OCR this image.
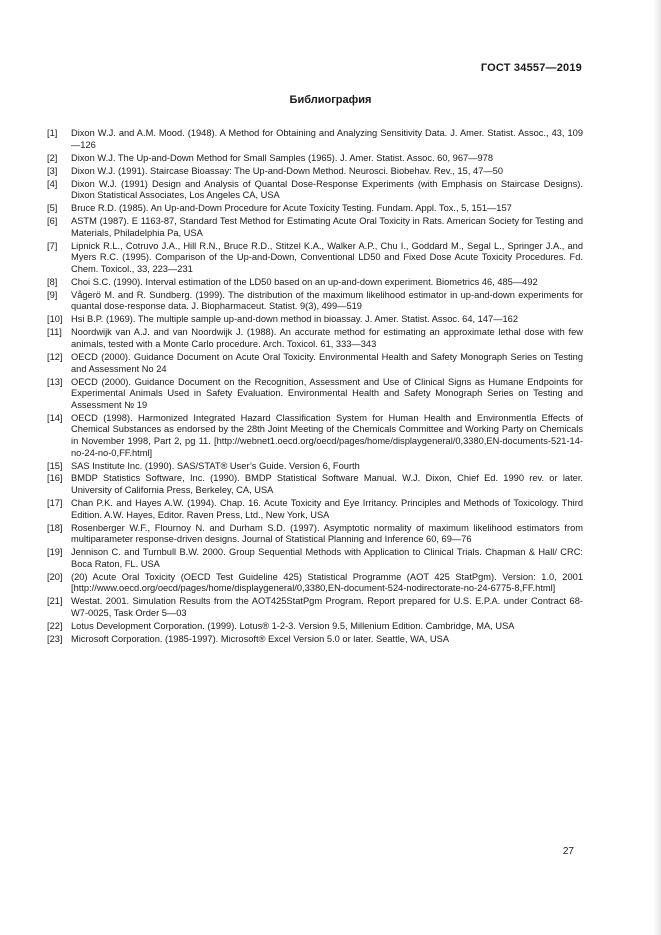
ГОСТ 34557—2019
Библиография
[1] Dixon W.J. and A.M. Mood. (1948). A Method for Obtaining and Analyzing Sensitivity Data. J. Amer. Statist. Assoc., 43, 109—126
[2] Dixon W.J. The Up-and-Down Method for Small Samples (1965). J. Amer. Statist. Assoc. 60, 967—978
[3] Dixon W.J. (1991). Staircase Bioassay: The Up-and-Down Method. Neurosci. Biobehav. Rev., 15, 47—50
[4] Dixon W.J. (1991) Design and Analysis of Quantal Dose-Response Experiments (with Emphasis on Staircase Designs). Dixon Statistical Associates, Los Angeles CA, USA
[5] Bruce R.D. (1985). An Up-and-Down Procedure for Acute Toxicity Testing. Fundam. Appl. Tox., 5, 151—157
[6] ASTM (1987). E 1163-87, Standard Test Method for Estimating Acute Oral Toxicity in Rats. American Society for Testing and Materials, Philadelphia Pa, USA
[7] Lipnick R.L., Cotruvo J.A., Hill R.N., Bruce R.D., Stitzel K.A., Walker A.P., Chu I., Goddard M., Segal L., Springer J.A., and Myers R.C. (1995). Comparison of the Up-and-Down, Conventional LD50 and Fixed Dose Acute Toxicity Procedures. Fd. Chem. Toxicol., 33, 223—231
[8] Choi S.C. (1990). Interval estimation of the LD50 based on an up-and-down experiment. Biometrics 46, 485—492
[9] Vågerö M. and R. Sundberg. (1999). The distribution of the maximum likelihood estimator in up-and-down experiments for quantal dose-response data. J. Biopharmaceut. Statist. 9(3), 499—519
[10] Hsi B.P. (1969). The multiple sample up-and-down method in bioassay. J. Amer. Statist. Assoc. 64, 147—162
[11] Noordwijk van A.J. and van Noordwijk J. (1988). An accurate method for estimating an approximate lethal dose with few animals, tested with a Monte Carlo procedure. Arch. Toxicol. 61, 333—343
[12] OECD (2000). Guidance Document on Acute Oral Toxicity. Environmental Health and Safety Monograph Series on Testing and Assessment No 24
[13] OECD (2000). Guidance Document on the Recognition, Assessment and Use of Clinical Signs as Humane Endpoints for Experimental Animals Used in Safety Evaluation. Environmental Health and Safety Monograph Series on Testing and Assessment № 19
[14] OECD (1998). Harmonized Integrated Hazard Classification System for Human Health and Environmentla Effects of Chemical Substances as endorsed by the 28th Joint Meeting of the Chemicals Committee and Working Party on Chemicals in November 1998, Part 2, pg 11. [http://webnet1.oecd.org/oecd/pages/home/displaygeneral/0,3380,EN-documents-521-14-no-24-no-0,FF.html]
[15] SAS Institute Inc. (1990). SAS/STAT® User’s Guide. Version 6, Fourth
[16] BMDP Statistics Software, Inc. (1990). BMDP Statistical Software Manual. W.J. Dixon, Chief Ed. 1990 rev. or later. University of California Press, Berkeley, CA, USA
[17] Chan P.K. and Hayes A.W. (1994). Chap. 16. Acute Toxicity and Eye Irritancy. Principles and Methods of Toxicology. Third Edition. A.W. Hayes, Editor. Raven Press, Ltd., New York, USA
[18] Rosenberger W.F., Flournoy N. and Durham S.D. (1997). Asymptotic normality of maximum likelihood estimators from multiparameter response-driven designs. Journal of Statistical Planning and Inference 60, 69—76
[19] Jennison C. and Turnbull B.W. 2000. Group Sequential Methods with Application to Clinical Trials. Chapman & Hall/ CRC: Boca Raton, FL. USA
[20] (20) Acute Oral Toxicity (OECD Test Guideline 425) Statistical Programme (AOT 425 StatPgm). Version: 1.0, 2001 [http://www.oecd.org/oecd/pages/home/displaygeneral/0,3380,EN-document-524-nodirectorate-no-24-6775-8,FF.html]
[21] Westat. 2001. Simulation Results from the AOT425StatPgm Program. Report prepared for U.S. E.P.A. under Contract 68-W7-0025, Task Order 5—03
[22] Lotus Development Corporation. (1999). Lotus® 1-2-3. Version 9.5, Millenium Edition. Cambridge, MA, USA
[23] Microsoft Corporation. (1985-1997). Microsoft® Excel Version 5.0 or later. Seattle, WA, USA
27
